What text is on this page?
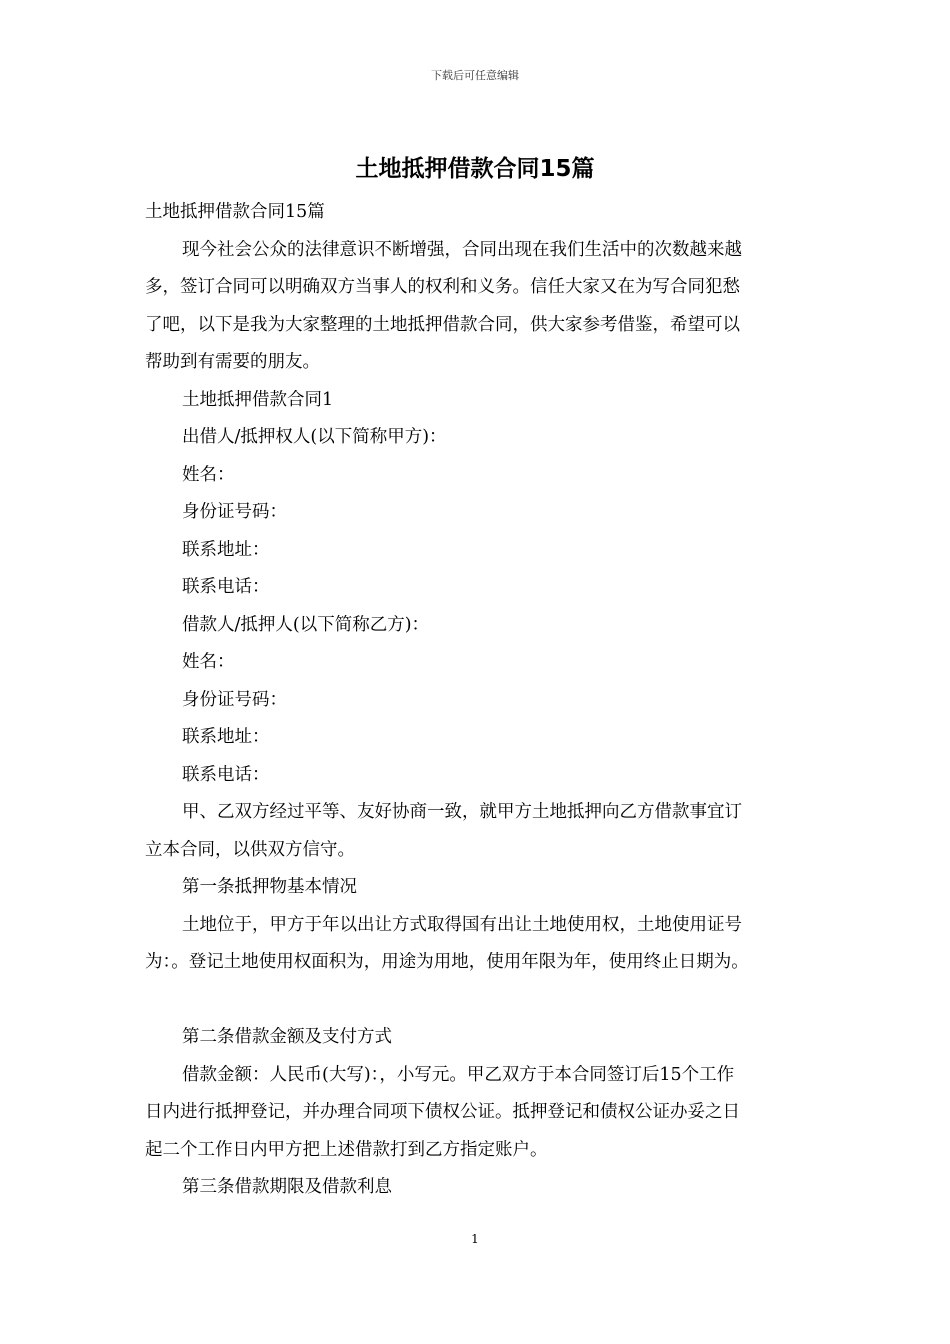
下载后可任意编辑
土地抵押借款合同15篇

土地抵押借款合同15篇

现今社会公众的法律意识不断增强，合同出现在我们生活中的次数越来越

多，签订合同可以明确双方当事人的权利和义务。信任大家又在为写合同犯愁

了吧，以下是我为大家整理的土地抵押借款合同，供大家参考借鉴，希望可以

帮助到有需要的朋友。

土地抵押借款合同1

出借人/抵押权人(以下简称甲方)：

姓名：

身份证号码：

联系地址：

联系电话：

借款人/抵押人(以下简称乙方)：

姓名：

身份证号码：

联系地址：

联系电话：

甲、乙双方经过平等、友好协商一致，就甲方土地抵押向乙方借款事宜订

立本合同，以供双方信守。

第一条抵押物基本情况

土地位于，甲方于年以出让方式取得国有出让土地使用权，土地使用证号

为：。登记土地使用权面积为，用途为用地，使用年限为年，使用终止日期为。

第二条借款金额及支付方式

借款金额：人民币(大写)：，小写元。甲乙双方于本合同签订后15个工作

日内进行抵押登记，并办理合同项下债权公证。抵押登记和债权公证办妥之日

起二个工作日内甲方把上述借款打到乙方指定账户。

第三条借款期限及借款利息

1
